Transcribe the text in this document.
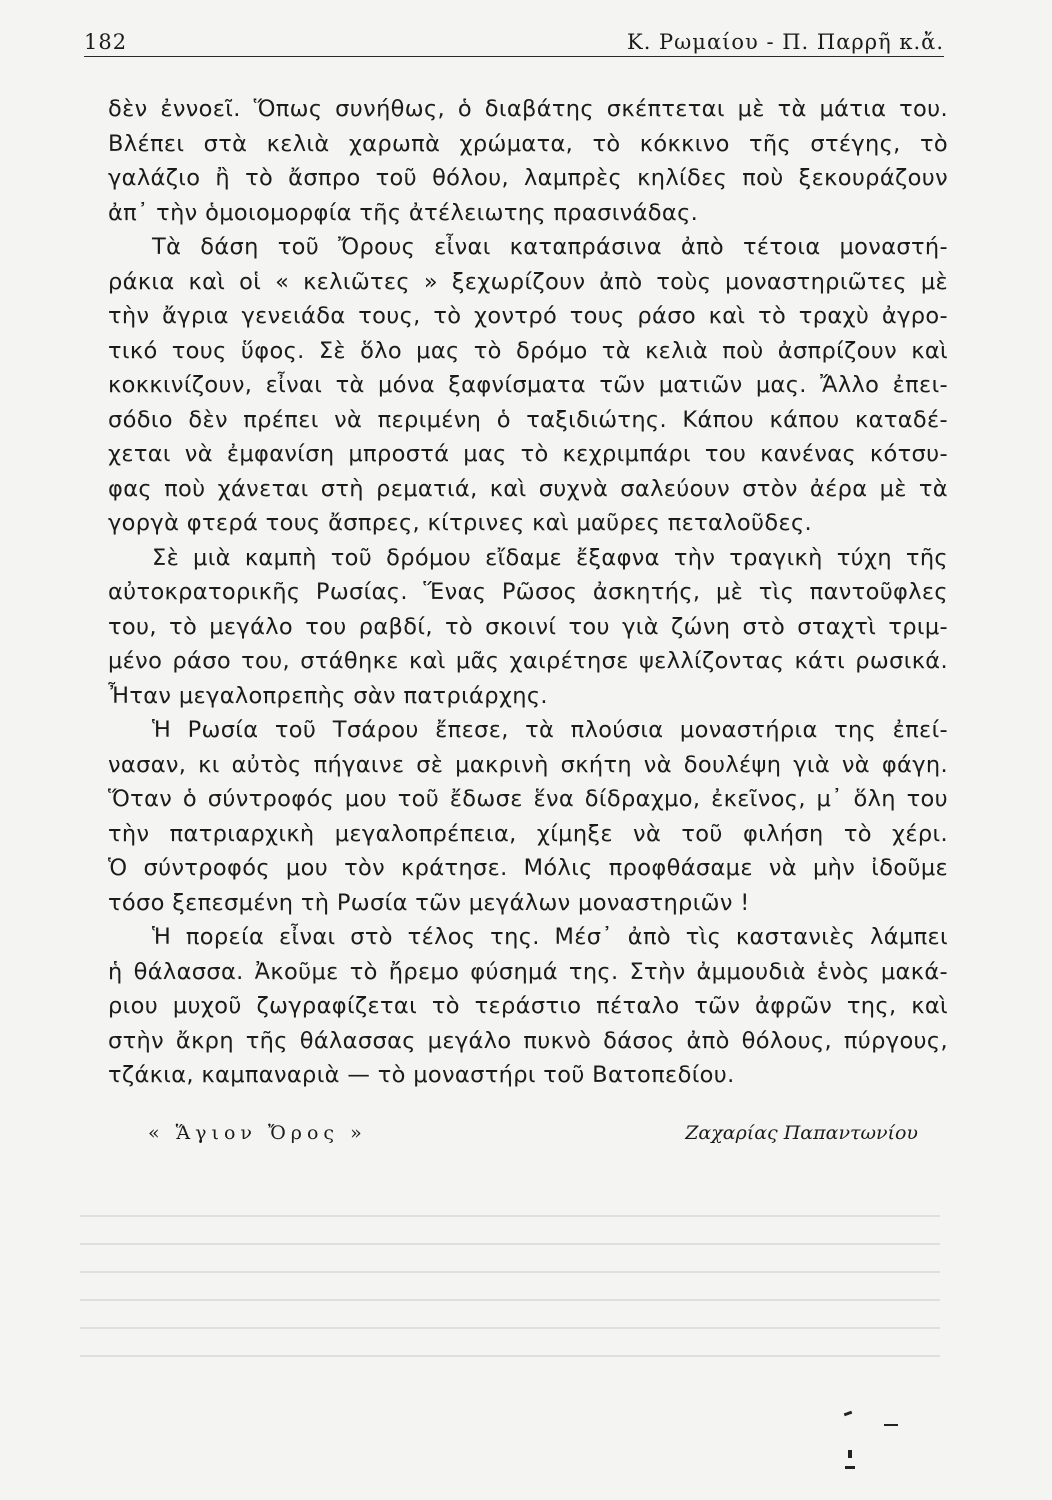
182	Κ. Ρωμαίου - Π. Παρρῆ κ.ἄ.
δὲν ἐννοεῖ. Ὅπως συνήθως, ὁ διαβάτης σκέπτεται μὲ τὰ μάτια του.
Βλέπει στὰ κελιὰ χαρωπὰ χρώματα, τὸ κόκκινο τῆς στέγης, τὸ
γαλάζιο ἢ τὸ ἄσπρο τοῦ θόλου, λαμπρὲς κηλίδες ποὺ ξεκουράζουν
ἀπ᾿ τὴν ὁμοιομορφία τῆς ἀτέλειωτης πρασινάδας.
Τὰ δάση τοῦ Ὄρους εἶναι καταπράσινα ἀπὸ τέτοια μοναστή-
ράκια καὶ οἱ « κελιῶτες » ξεχωρίζουν ἀπὸ τοὺς μοναστηριῶτες μὲ
τὴν ἄγρια γενειάδα τους, τὸ χοντρό τους ράσο καὶ τὸ τραχὺ ἀγρο-
τικό τους ὕφος. Σὲ ὅλο μας τὸ δρόμο τὰ κελιὰ ποὺ ἀσπρίζουν καὶ
κοκκινίζουν, εἶναι τὰ μόνα ξαφνίσματα τῶν ματιῶν μας. Ἄλλο ἐπει-
σόδιο δὲν πρέπει νὰ περιμένη ὁ ταξιδιώτης. Κάπου κάπου καταδέ-
χεται νὰ ἐμφανίση μπροστά μας τὸ κεχριμπάρι του κανένας κότσυ-
φας ποὺ χάνεται στὴ ρεματιά, καὶ συχνὰ σαλεύουν στὸν ἀέρα μὲ τὰ
γοργὰ φτερά τους ἄσπρες, κίτρινες καὶ μαῦρες πεταλοῦδες.
Σὲ μιὰ καμπὴ τοῦ δρόμου εἴδαμε ἔξαφνα τὴν τραγικὴ τύχη τῆς
αὐτοκρατορικῆς Ρωσίας. Ἕνας Ρῶσος ἀσκητής, μὲ τὶς παντοῦφλες
του, τὸ μεγάλο του ραβδί, τὸ σκοινί του γιὰ ζώνη στὸ σταχτὶ τριμ-
μένο ράσο του, στάθηκε καὶ μᾶς χαιρέτησε ψελλίζοντας κάτι ρωσικά.
Ἦταν μεγαλοπρεπὴς σὰν πατριάρχης.
Ἡ Ρωσία τοῦ Τσάρου ἔπεσε, τὰ πλούσια μοναστήρια της ἐπεί-
νασαν, κι αὐτὸς πήγαινε σὲ μακρινὴ σκήτη νὰ δουλέψη γιὰ νὰ φάγη.
Ὅταν ὁ σύντροφός μου τοῦ ἔδωσε ἕνα δίδραχμο, ἐκεῖνος, μ᾿ ὅλη του
τὴν πατριαρχικὴ μεγαλοπρέπεια, χίμηξε νὰ τοῦ φιλήση τὸ χέρι.
Ὁ σύντροφός μου τὸν κράτησε. Μόλις προφθάσαμε νὰ μὴν ἰδοῦμε
τόσο ξεπεσμένη τὴ Ρωσία τῶν μεγάλων μοναστηριῶν !
Ἡ πορεία εἶναι στὸ τέλος της. Μέσ᾿ ἀπὸ τὶς καστανιὲς λάμπει
ἡ θάλασσα. Ἀκοῦμε τὸ ἤρεμο φύσημά της. Στὴν ἀμμουδιὰ ἑνὸς μακά-
ριου μυχοῦ ζωγραφίζεται τὸ τεράστιο πέταλο τῶν ἀφρῶν της, καὶ
στὴν ἄκρη τῆς θάλασσας μεγάλο πυκνὸ δάσος ἀπὸ θόλους, πύργους,
τζάκια, καμπαναριὰ — τὸ μοναστήρι τοῦ Βατοπεδίου.
« Ἅγιον Ὄρος »	Ζαχαρίας Παπαντωνίου
